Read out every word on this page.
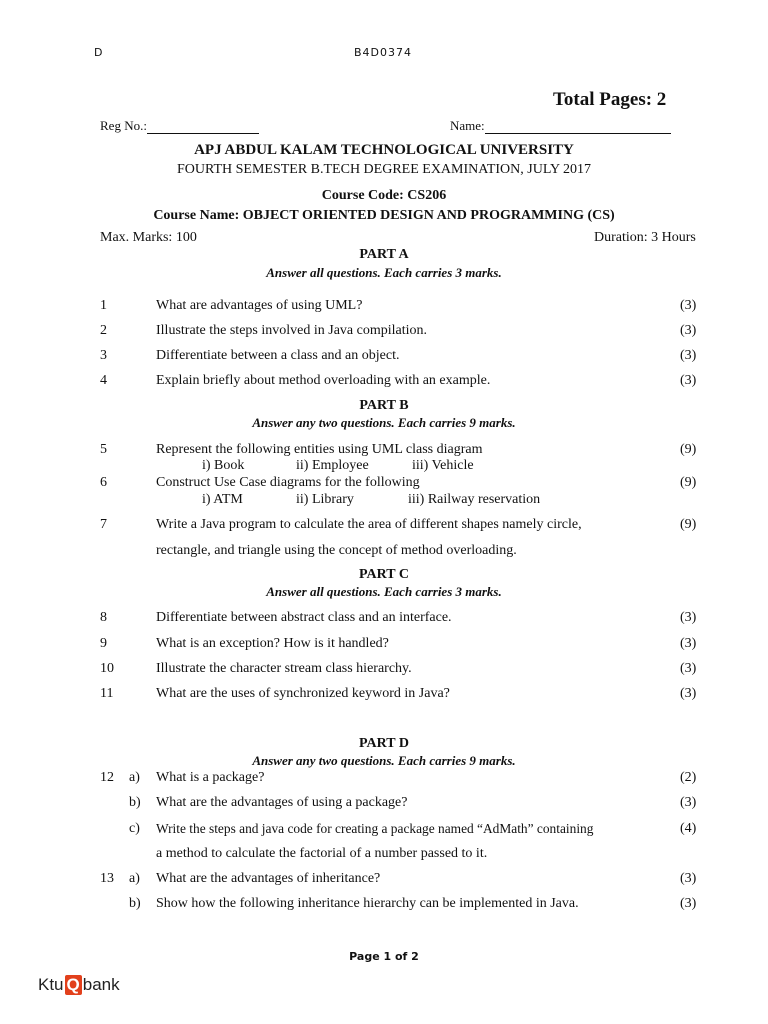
D	B4D0374
Total Pages: 2
Reg No.:	Name:
APJ ABDUL KALAM TECHNOLOGICAL UNIVERSITY
FOURTH SEMESTER B.TECH DEGREE EXAMINATION, JULY 2017
Course Code: CS206
Course Name: OBJECT ORIENTED DESIGN AND PROGRAMMING (CS)
Max. Marks: 100	Duration: 3 Hours
PART A
Answer all questions. Each carries 3 marks.
1	What are advantages of using UML?	(3)
2	Illustrate the steps involved in Java compilation.	(3)
3	Differentiate between a class and an object.	(3)
4	Explain briefly about method overloading with an example.	(3)
PART B
Answer any two questions. Each carries 9 marks.
5	Represent the following entities using UML class diagram	(9)
i) Book	ii) Employee	iii) Vehicle
6	Construct Use Case diagrams for the following	(9)
i) ATM	ii) Library	iii) Railway reservation
7	Write a Java program to calculate the area of different shapes namely circle,	(9)
rectangle, and triangle using the concept of method overloading.
PART C
Answer all questions. Each carries 3 marks.
8	Differentiate between abstract class and an interface.	(3)
9	What is an exception? How is it handled?	(3)
10	Illustrate the character stream class hierarchy.	(3)
11	What are the uses of synchronized keyword in Java?	(3)
PART D
Answer any two questions. Each carries 9 marks.
12 a) What is a package?	(2)
b) What are the advantages of using a package?	(3)
c) Write the steps and java code for creating a package named “AdMath” containing	(4)
a method to calculate the factorial of a number passed to it.
13 a) What are the advantages of inheritance?	(3)
b) Show how the following inheritance hierarchy can be implemented in Java.	(3)
Page 1 of 2
Ktu Q bank
